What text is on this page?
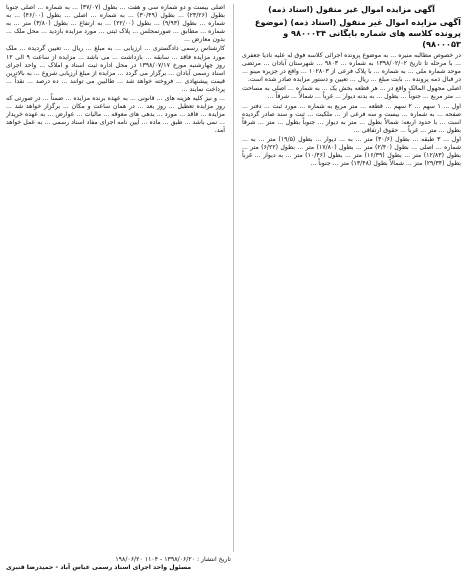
آگهی مزایده اموال غیر منقول (اسناد ذمه)
آگهی مزایده اموال غیر منقول (اسناد ذمه) (موضوع پرونده کلاسه های شماره بایگانی ۹۸۰۰۰۳۴ و ۹۸۰۰۰۵۳)

در خصوص مطالبه منیره ... به موضوع پرونده اجرائی کلاسه فوق له علیه نادیا جعفری ... با مرحله تا تاریخ ۱۳۹۸/۰۲/۰۲ به شماره ... ۹۸۰۳ ... شهرستان آبادان ... مرتضی موحد شماره ملی ... به شماره ... با پلاک فرعی از ۱۰۲۸۰۳ ... واقع در جزیره مینو ... در قبال ذمه پرونده ... بابت مبلغ ... ریال ... تعیین و دستور مزایده صادر شده است.

اصلی مجهول المالک واقع در ... هر قطعه بخش یک ... به شماره ... اصلی به مساحت ... متر مربع ... جنوباً ... بطول ... به بدنه دیوار ... غرباً ... شمالاً ... شرقاً ...

اول ... ۱ سهم ... ۲ سهم ... قطعه ... متر مربع به شماره ... مورد ثبت ... دفتر ... صفحه ... به شماره ... بیست و سه فرعی از ... ملکیت ... ثبت و سند صادر گردیده است ... با حدود اربعه: شمالاً بطول ... متر به دیوار ... جنوباً بطول ... متر ... شرقاً بطول ... متر ... غرباً ... حقوق ارتفاقی ...

اول ... ۳ طبقه ... بطول (۳۰/۶) متر ... به ... دیوار ... بطول (۱۹/۵) متر ... به ... شماره ... اصلی ... بطول (۲/۴۰) متر ... بطول (۱۷/۸۰) متر ... بطول (۶/۲۲) متر ... بطول (۱۲/۸۳) متر ... بطول (۱۶/۳۹) متر ... بطول (۱۰/۴۶) متر ... به دیوار ... غرباً بطول (۲۹/۳۴) متر ... شمالاً بطول (۱۳/۴۸) متر ... جنوباً ...

اصلی بیست و دو شماره سی و هفت ... بطول (۳۷/۰۷) ... به شماره ... اصلی جنوباً بطول (۲۳/۲۶) ... بطول (۳۰/۴۹) ... به شماره ... اصلی ... بطول (۴۶/۰۰) ... به شماره ... بطول (۹/۹۳) ... بطول (۲۲/۰۰) ... به ارتفاع ... بطول (۳/۸۰) متر ... به شماره ... مطابق ... صورتمجلس ... پلاک ثبتی ... مورد مزایده بازدید ... محل ملک ... بدون معارض ...

کارشناس رسمی دادگستری ... ارزیابی ... به مبلغ ... ریال ... تعیین گردیده ... ملک مورد مزایده فاقد ... سابقه ... بازداشت ... می باشد ... مزایده از ساعت ۹ الی ۱۲ روز چهارشنبه مورخ ۱۳۹۸/۰۷/۱۷ در محل اداره ثبت اسناد و املاک ... واحد اجرای اسناد رسمی آبادان ... برگزار می گردد ... مزایده از مبلغ ارزیابی شروع ... به بالاترین قیمت پیشنهادی ... فروخته خواهد شد ... طالبین می توانند ... ده درصد ... نقداً ... پرداخت نمایند ...

... و نیز کلیه هزینه های ... قانونی ... به عهده برنده مزایده ... ضمناً ... در صورتی که روز مزایده تعطیل ... روز بعد ... در همان ساعت و مکان ... برگزار خواهد شد ... مزایده ... فاقد ... مورد ... بدهی های معوقه ... مالیات ... عوارض ... به عهده خریدار ... نمی باشد ... طبق ... ماده ... آیین نامه اجرای مفاد اسناد رسمی ... به عمل خواهد آمد.

تاریخ انتشار : ۱۳۹۸/۰۶/۲۰ - ۱۱۰۴ ۱۹۸/۰۶/۲۰
مسئول واحد اجرای اسناد رسمی عباس آباد - حمیدرضا قنبری
